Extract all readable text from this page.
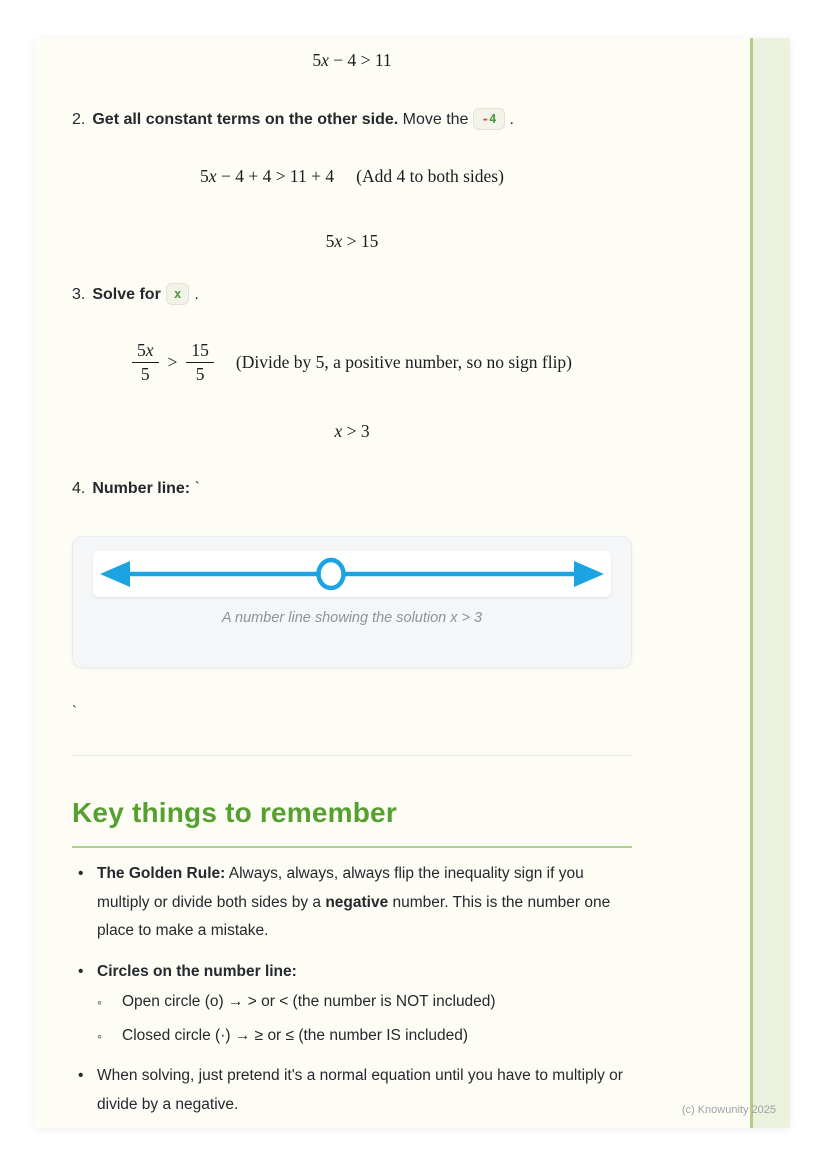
5x − 4 > 11
2. Get all constant terms on the other side. Move the -4 .
5x − 4 + 4 > 11 + 4 (Add 4 to both sides)
5x > 15
3. Solve for x .
$\frac{5x}{5} > \frac{15}{5}$ (Divide by 5, a positive number, so no sign flip)
x > 3
4. Number line: `
A number line showing the solution x > 3
`
Key things to remember
• The Golden Rule: Always, always, always flip the inequality sign if you multiply or divide both sides by a negative number. This is the number one place to make a mistake.
• Circles on the number line:
◦ Open circle (o) → > or < (the number is NOT included)
◦ Closed circle (·) → ≥ or ≤ (the number IS included)
• When solving, just pretend it's a normal equation until you have to multiply or divide by a negative.	(c) Knowunity 2025
